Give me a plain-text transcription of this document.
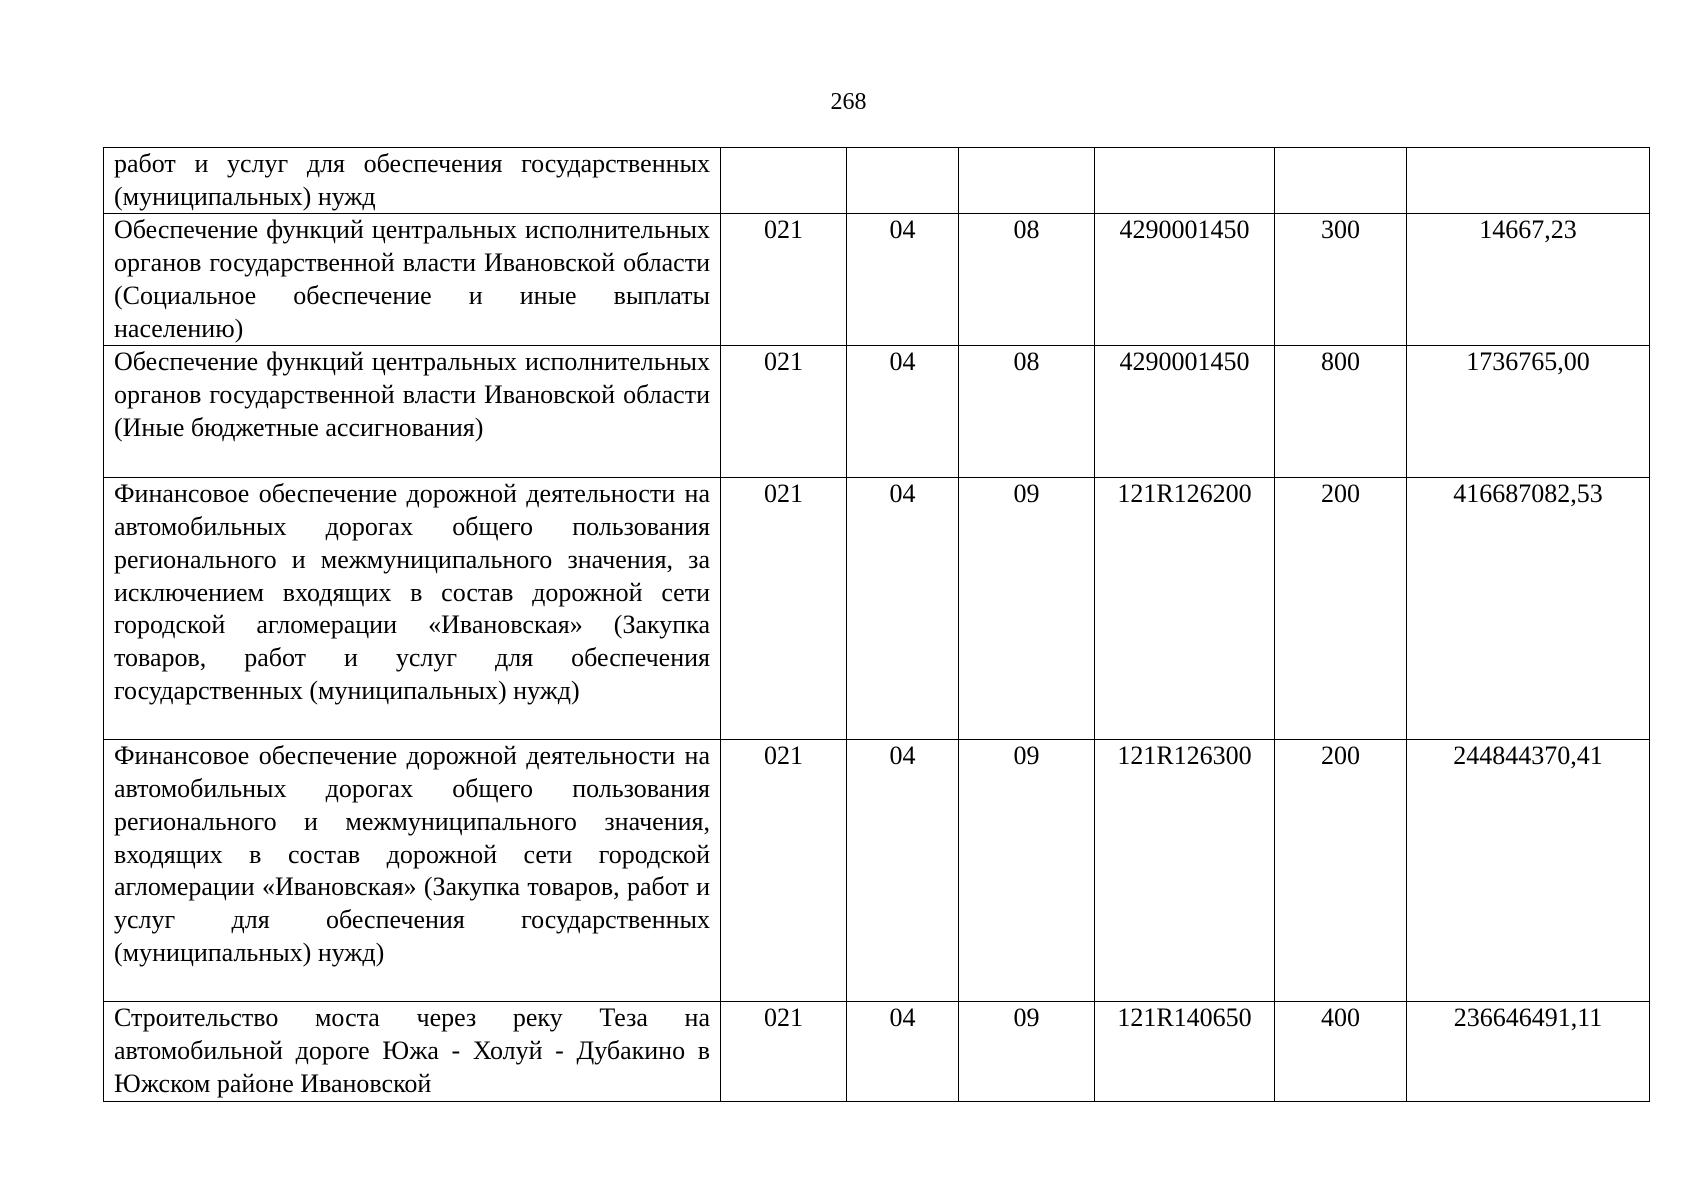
268
работ и услуг для обеспечения государственных (муниципальных) нужд						
Обеспечение функций центральных исполнительных органов государственной власти Ивановской области (Социальное обеспечение и иные выплаты населению)	021	04	08	4290001450	300	14667,23
Обеспечение функций центральных исполнительных органов государственной власти Ивановской области (Иные бюджетные ассигнования)	021	04	08	4290001450	800	1736765,00
Финансовое обеспечение дорожной деятельности на автомобильных дорогах общего пользования регионального и межмуниципального значения, за исключением входящих в состав дорожной сети городской агломерации «Ивановская» (Закупка товаров, работ и услуг для обеспечения государственных (муниципальных) нужд)	021	04	09	121R126200	200	416687082,53
Финансовое обеспечение дорожной деятельности на автомобильных дорогах общего пользования регионального и межмуниципального значения, входящих в состав дорожной сети городской агломерации «Ивановская» (Закупка товаров, работ и услуг для обеспечения государственных (муниципальных) нужд)	021	04	09	121R126300	200	244844370,41
Строительство моста через реку Теза на автомобильной дороге Южа - Холуй - Дубакино в Южском районе Ивановской	021	04	09	121R140650	400	236646491,11
